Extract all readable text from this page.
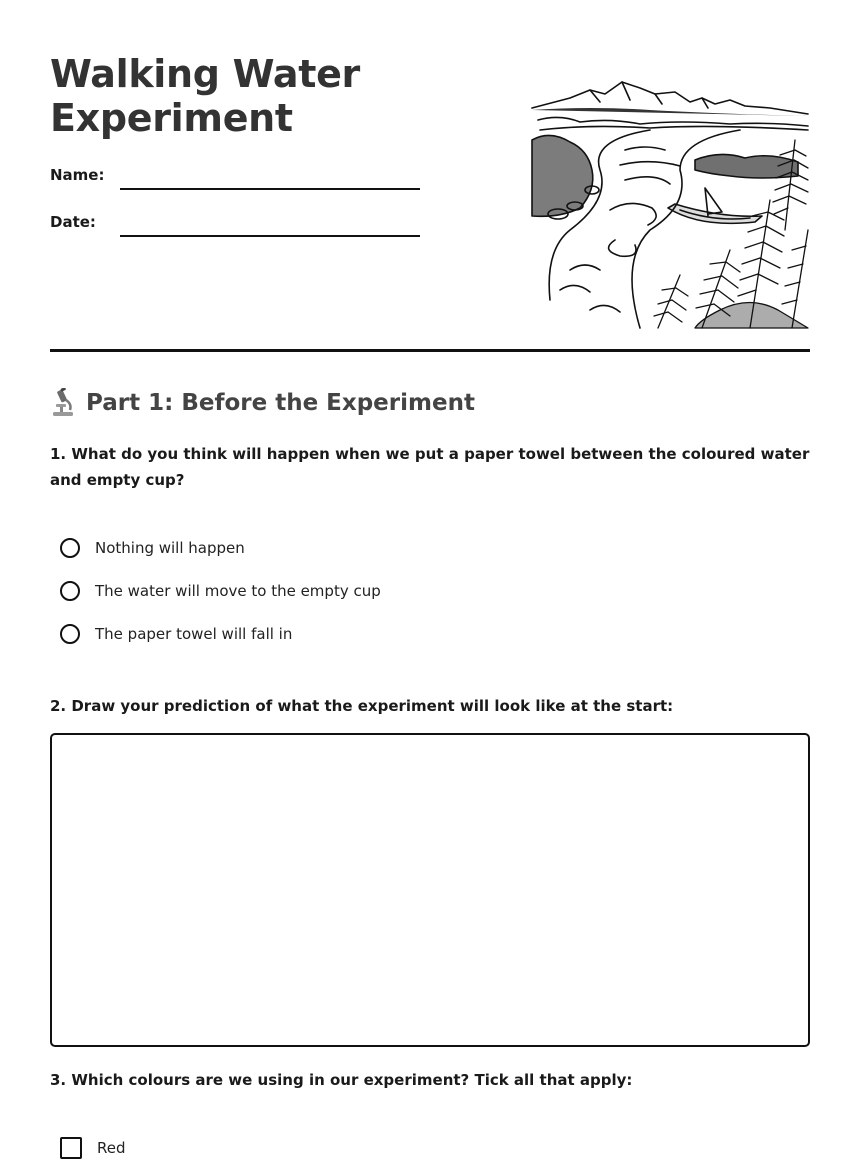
Walking Water Experiment
Name:
Date:
Part 1: Before the Experiment

1. What do you think will happen when we put a paper towel between the coloured water and empty cup?

Nothing will happen
The water will move to the empty cup
The paper towel will fall in

2. Draw your prediction of what the experiment will look like at the start:

3. Which colours are we using in our experiment? Tick all that apply:

Red
